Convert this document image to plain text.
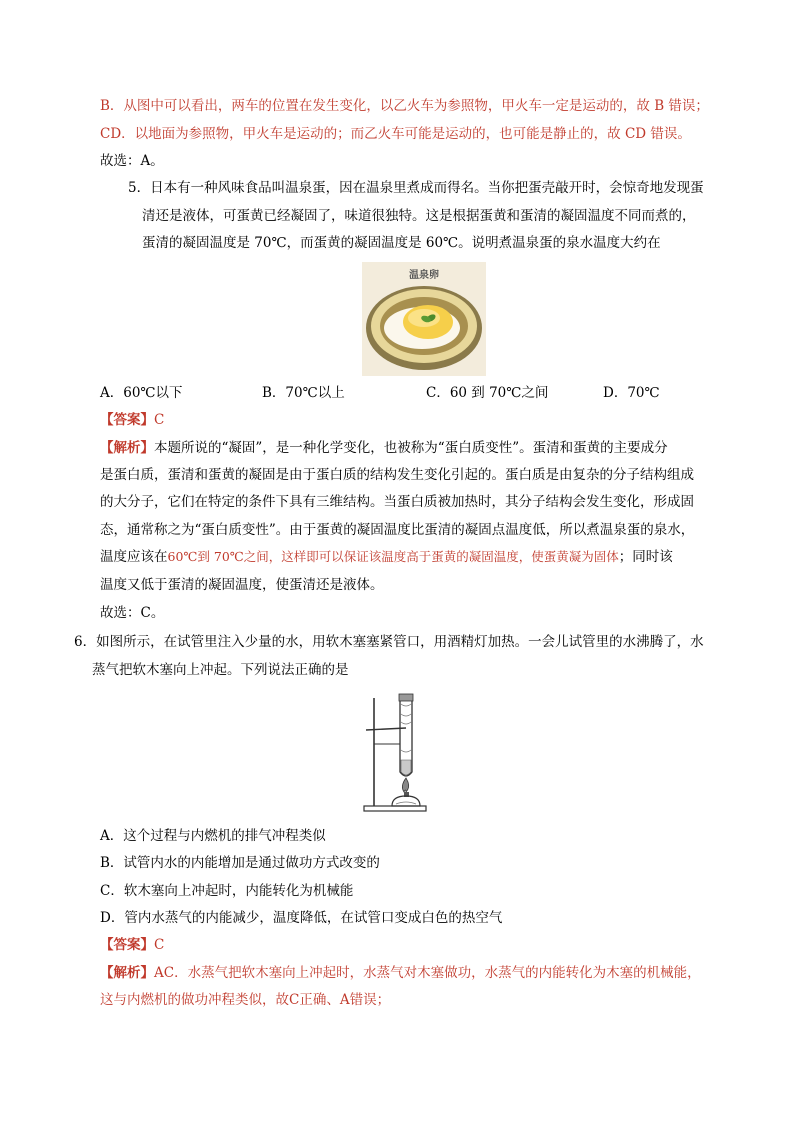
B．从图中可以看出，两车的位置在发生变化，以乙火车为参照物，甲火车一定是运动的，故 B 错误；
CD．以地面为参照物，甲火车是运动的；而乙火车可能是运动的，也可能是静止的，故 CD 错误。
故选：A。
5．日本有一种风味食品叫温泉蛋，因在温泉里煮成而得名。当你把蛋壳敲开时，会惊奇地发现蛋
清还是液体，可蛋黄已经凝固了，味道很独特。这是根据蛋黄和蛋清的凝固温度不同而煮的，
蛋清的凝固温度是 70℃，而蛋黄的凝固温度是 60℃。说明煮温泉蛋的泉水温度大约在
温泉卵
A．60℃以下	B．70℃以上	C．60 到 70℃之间	D．70℃
【答案】C
【解析】本题所说的“凝固”，是一种化学变化，也被称为“蛋白质变性”。蛋清和蛋黄的主要成分
是蛋白质，蛋清和蛋黄的凝固是由于蛋白质的结构发生变化引起的。蛋白质是由复杂的分子结构组成
的大分子，它们在特定的条件下具有三维结构。当蛋白质被加热时，其分子结构会发生变化，形成固
态，通常称之为“蛋白质变性”。由于蛋黄的凝固温度比蛋清的凝固点温度低，所以煮温泉蛋的泉水，
温度应该在60℃到 70℃之间，这样即可以保证该温度高于蛋黄的凝固温度，使蛋黄凝为固体；同时该
温度又低于蛋清的凝固温度，使蛋清还是液体。
故选：C。
6．如图所示，在试管里注入少量的水，用软木塞塞紧管口，用酒精灯加热。一会儿试管里的水沸腾了，水
蒸气把软木塞向上冲起。下列说法正确的是
A．这个过程与内燃机的排气冲程类似
B．试管内水的内能增加是通过做功方式改变的
C．软木塞向上冲起时，内能转化为机械能
D．管内水蒸气的内能减少，温度降低，在试管口变成白色的热空气
【答案】C
【解析】AC．水蒸气把软木塞向上冲起时，水蒸气对木塞做功，水蒸气的内能转化为木塞的机械能，
这与内燃机的做功冲程类似，故C正确、A错误；
